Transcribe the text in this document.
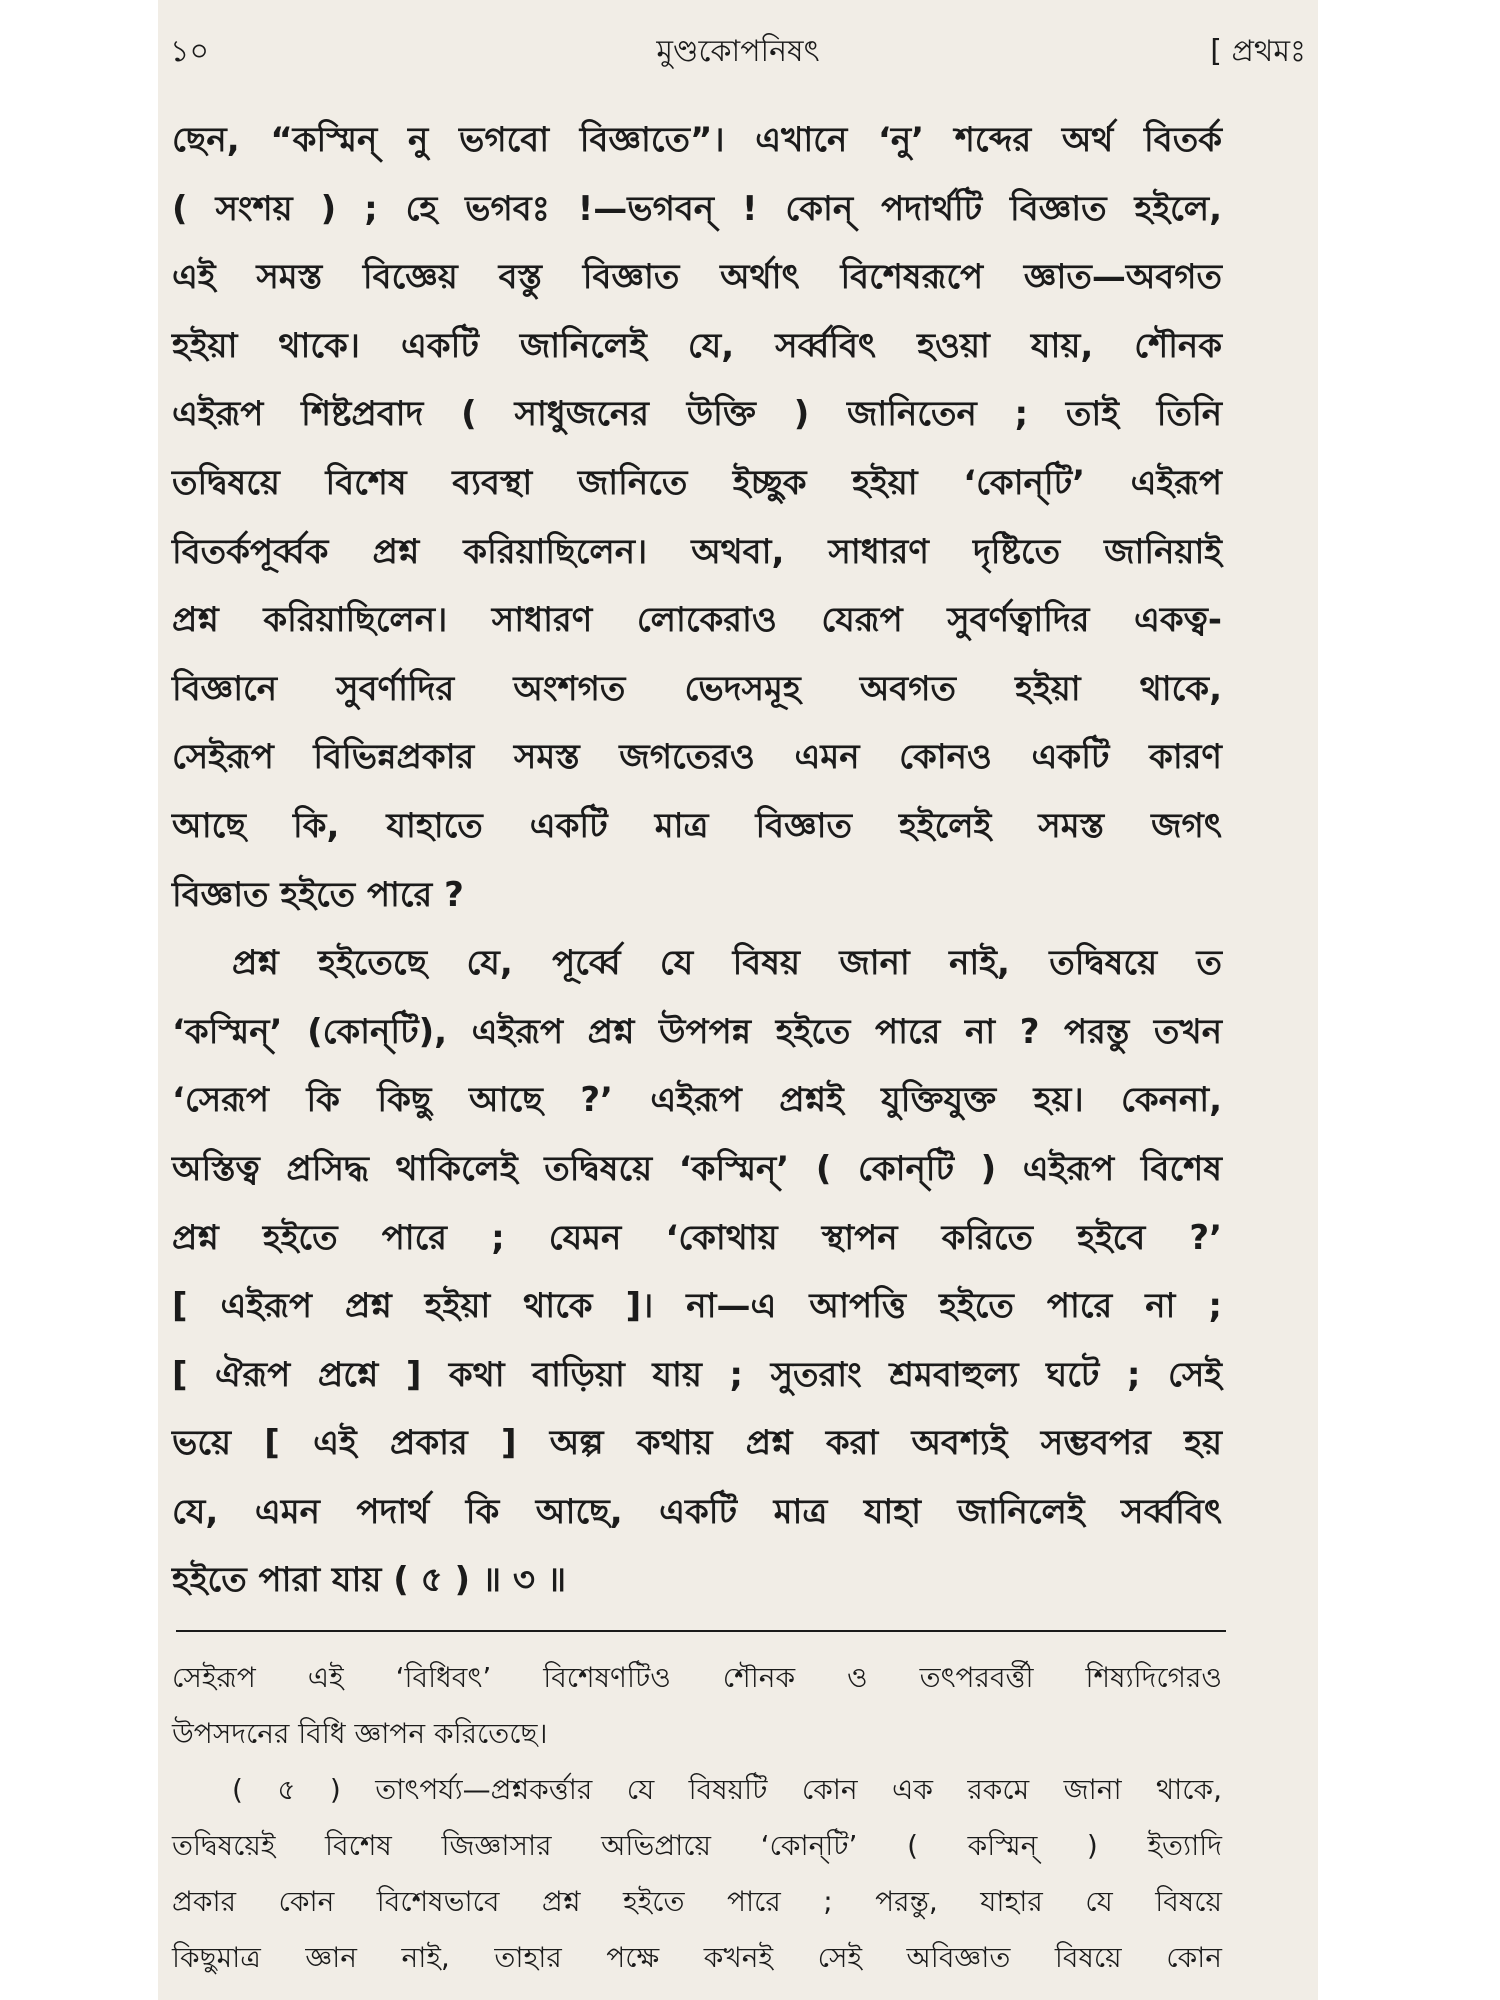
মুণ্ডকোপনিষৎ
১০	[ প্রথমঃ
ছেন, “কস্মিন্ নু ভগবো বিজ্ঞাতে”। এখানে ‘নু’ শব্দের অর্থ বিতর্ক
( সংশয় ) ; হে ভগবঃ !—ভগবন্ ! কোন্ পদার্থটি বিজ্ঞাত হইলে,
এই সমস্ত বিজ্ঞেয় বস্তু বিজ্ঞাত অর্থাৎ বিশেষরূপে জ্ঞাত—অবগত
হইয়া থাকে। একটি জানিলেই যে, সর্ব্ববিৎ হওয়া যায়, শৌনক
এইরূপ শিষ্টপ্রবাদ ( সাধুজনের উক্তি ) জানিতেন ; তাই তিনি
তদ্বিষয়ে বিশেষ ব্যবস্থা জানিতে ইচ্ছুক হইয়া ‘কোন্‌টি’ এইরূপ
বিতর্কপূর্ব্বক প্রশ্ন করিয়াছিলেন। অথবা, সাধারণ দৃষ্টিতে জানিয়াই
প্রশ্ন করিয়াছিলেন। সাধারণ লোকেরাও যেরূপ সুবর্ণত্বাদির একত্ব-
বিজ্ঞানে সুবর্ণাদির অংশগত ভেদসমূহ অবগত হইয়া থাকে,
সেইরূপ বিভিন্নপ্রকার সমস্ত জগতেরও এমন কোনও একটি কারণ
আছে কি, যাহাতে একটি মাত্র বিজ্ঞাত হইলেই সমস্ত জগৎ
বিজ্ঞাত হইতে পারে ?
প্রশ্ন হইতেছে যে, পূর্ব্বে যে বিষয় জানা নাই, তদ্বিষয়ে ত
‘কস্মিন্’ (কোন্‌টি), এইরূপ প্রশ্ন উপপন্ন হইতে পারে না ? পরন্তু তখন
‘সেরূপ কি কিছু আছে ?’ এইরূপ প্রশ্নই যুক্তিযুক্ত হয়। কেননা,
অস্তিত্ব প্রসিদ্ধ থাকিলেই তদ্বিষয়ে ‘কস্মিন্’ ( কোন্‌টি ) এইরূপ বিশেষ
প্রশ্ন হইতে পারে ; যেমন ‘কোথায় স্থাপন করিতে হইবে ?’
[ এইরূপ প্রশ্ন হইয়া থাকে ]। না—এ আপত্তি হইতে পারে না ;
[ ঐরূপ প্রশ্নে ] কথা বাড়িয়া যায় ; সুতরাং শ্রমবাহুল্য ঘটে ; সেই
ভয়ে [ এই প্রকার ] অল্প কথায় প্রশ্ন করা অবশ্যই সম্ভবপর হয়
যে, এমন পদার্থ কি আছে, একটি মাত্র যাহা জানিলেই সর্ব্ববিৎ
হইতে পারা যায় ( ৫ ) ॥ ৩ ॥
সেইরূপ এই ‘বিধিবৎ’ বিশেষণটিও শৌনক ও তৎপরবর্ত্তী শিষ্যদিগেরও
উপসদনের বিধি জ্ঞাপন করিতেছে।
( ৫ ) তাৎপর্য্য—প্রশ্নকর্ত্তার যে বিষয়টি কোন এক রকমে জানা থাকে,
তদ্বিষয়েই বিশেষ জিজ্ঞাসার অভিপ্রায়ে ‘কোন্‌টি’ ( কস্মিন্ ) ইত্যাদি
প্রকার কোন বিশেষভাবে প্রশ্ন হইতে পারে ; পরন্তু, যাহার যে বিষয়ে
কিছুমাত্র জ্ঞান নাই, তাহার পক্ষে কখনই সেই অবিজ্ঞাত বিষয়ে কোন
